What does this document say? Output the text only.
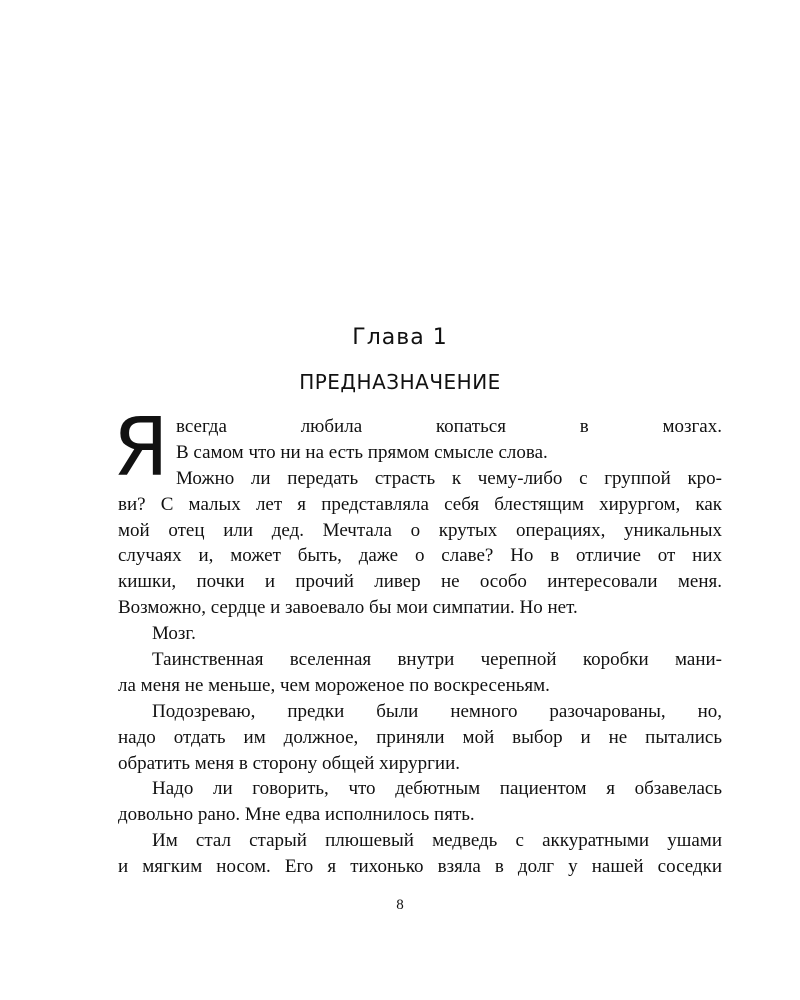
Глава 1
ПРЕДНАЗНАЧЕНИЕ
Я всегда любила копаться в мозгах.
В самом что ни на есть прямом смысле слова.
Можно ли передать страсть к чему-либо с группой кро-
ви? С малых лет я представляла себя блестящим хирургом, как
мой отец или дед. Мечтала о крутых операциях, уникальных
случаях и, может быть, даже о славе? Но в отличие от них
кишки, почки и прочий ливер не особо интересовали меня.
Возможно, сердце и завоевало бы мои симпатии. Но нет.
Мозг.
Таинственная вселенная внутри черепной коробки мани-
ла меня не меньше, чем мороженое по воскресеньям.
Подозреваю, предки были немного разочарованы, но,
надо отдать им должное, приняли мой выбор и не пытались
обратить меня в сторону общей хирургии.
Надо ли говорить, что дебютным пациентом я обзавелась
довольно рано. Мне едва исполнилось пять.
Им стал старый плюшевый медведь с аккуратными ушами
и мягким носом. Его я тихонько взяла в долг у нашей соседки
8
